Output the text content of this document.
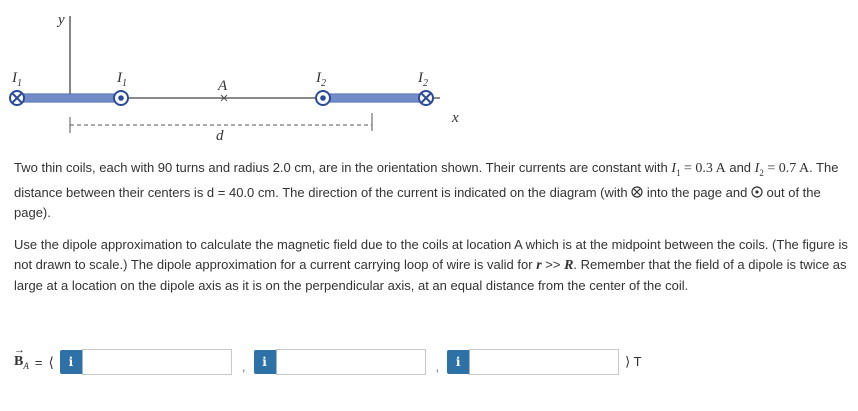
y
x
$I_1$	$I_1$	A	$I_2$	$I_2$
d

Two thin coils, each with 90 turns and radius 2.0 cm, are in the orientation shown. Their currents are constant with $I_1 = 0.3$ A and $I_2 = 0.7$ A. The distance between their centers is d = 40.0 cm. The direction of the current is indicated on the diagram (with  into the page and  out of the page).

Use the dipole approximation to calculate the magnetic field due to the coils at location A which is at the midpoint between the coils. (The figure is not drawn to scale.) The dipole approximation for a current carrying loop of wire is valid for r >> R. Remember that the field of a dipole is twice as large at a location on the dipole axis as it is on the perpendicular axis, at an equal distance from the center of the coil.

→
$B_A$ = ⟨	i	,	i	,	i	⟩ T
